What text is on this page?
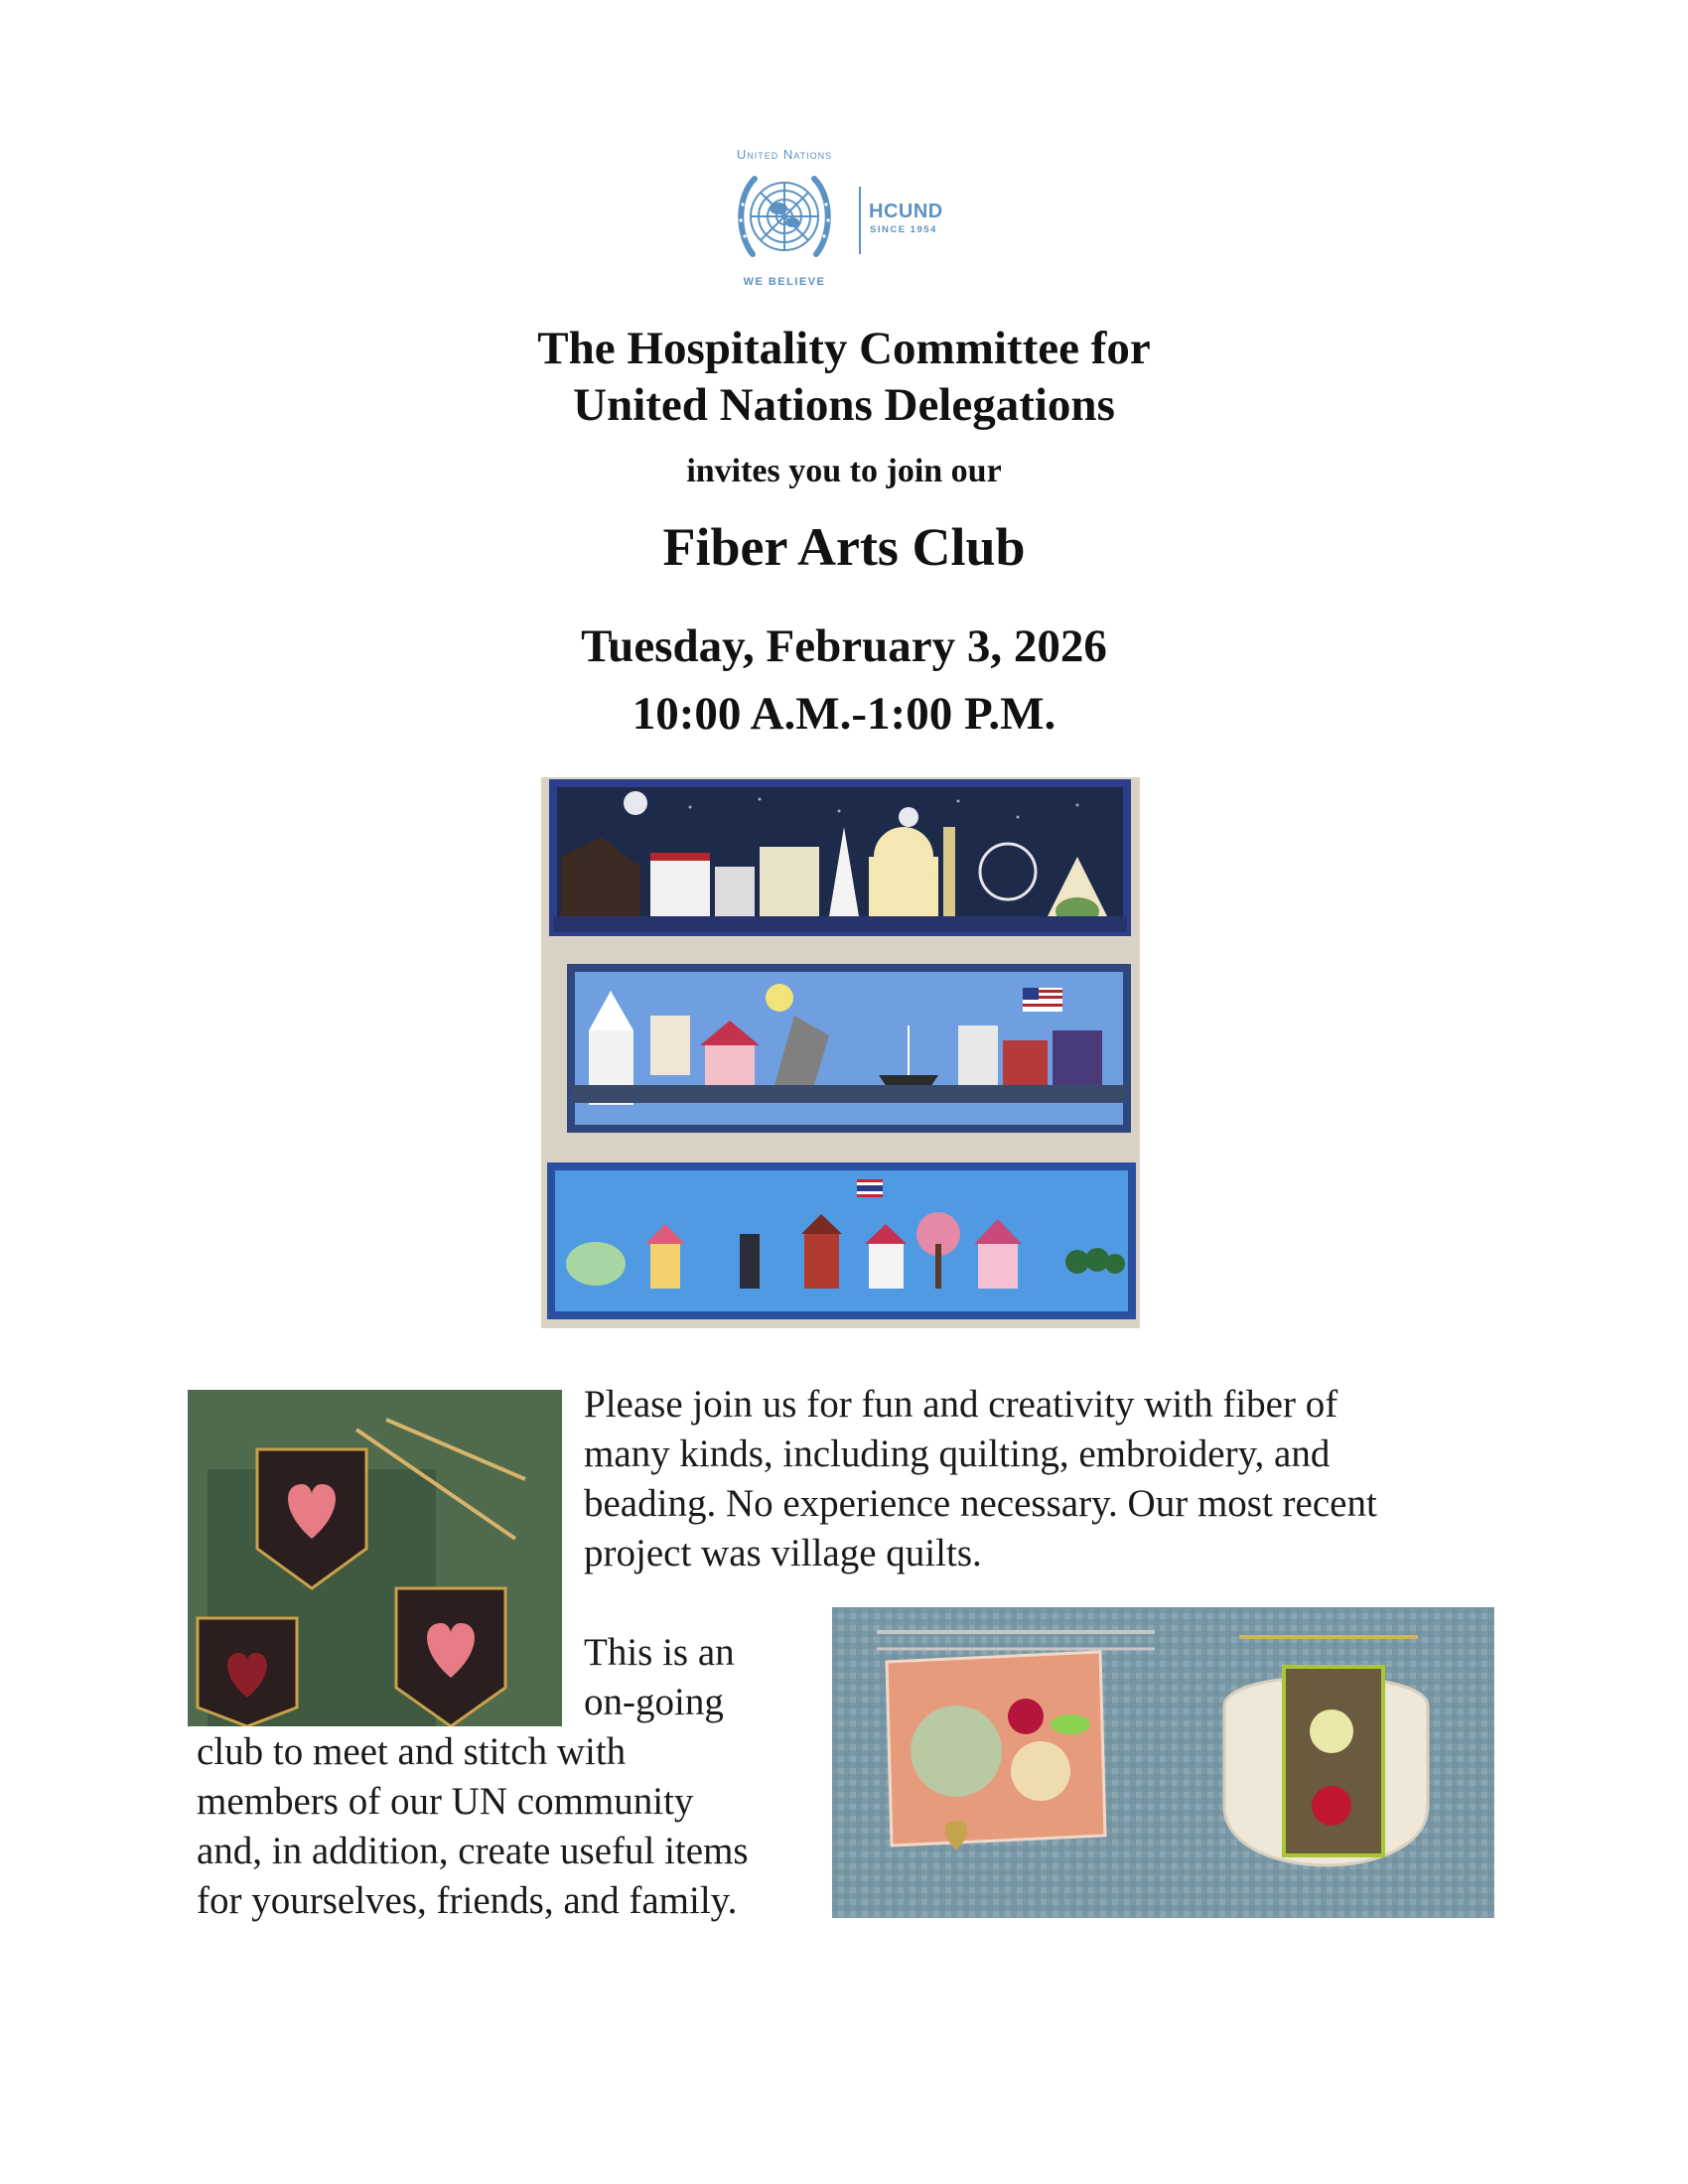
United Nations
HCUND
SINCE 1954
WE BELIEVE
The Hospitality Committee for
United Nations Delegations
invites you to join our
Fiber Arts Club
Tuesday, February 3, 2026
10:00 A.M.-1:00 P.M.
Please join us for fun and creativity with fiber of
many kinds, including quilting, embroidery, and
beading. No experience necessary. Our most recent
project was village quilts.
This is an
on-going
club to meet and stitch with
members of our UN community
and, in addition, create useful items
for yourselves, friends, and family.
